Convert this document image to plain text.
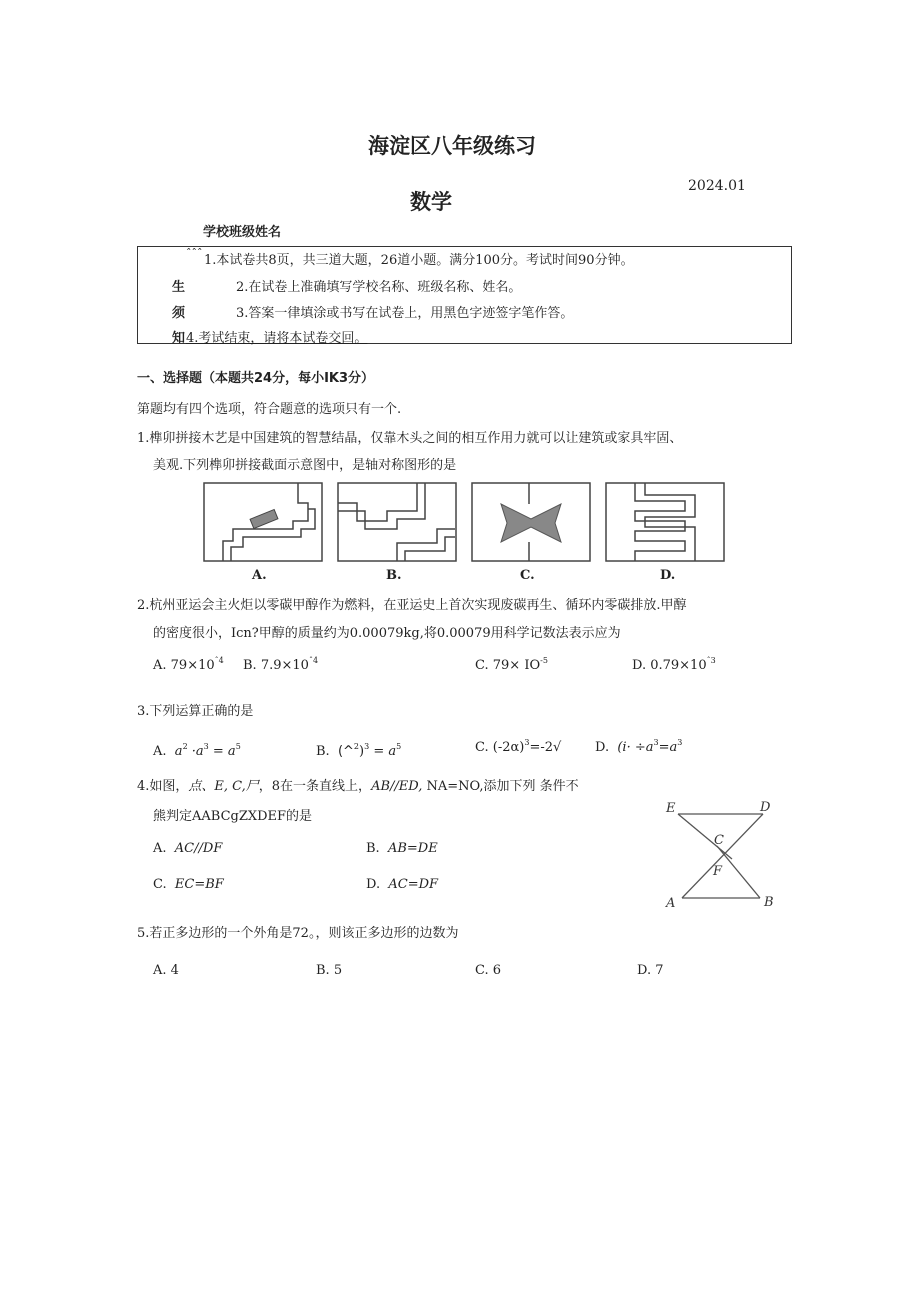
海淀区八年级练习
2024.01
数学
学校班级姓名
ˆˆˆ 1.本试卷共8页，共三道大题，26道小题。满分100分。考试时间90分钟。
生	2.在试卷上准确填写学校名称、班级名称、姓名。
须	3.答案一律填涂或书写在试卷上，用黑色字迹签字笔作答。
知 4.考试结束，请将本试卷交回。
一、选择题（本题共24分，每小IK3分）
第题均有四个选项，符合题意的选项只有一个.
1.榫卯拼接木艺是中国建筑的智慧结晶，仅靠木头之间的相互作用力就可以让建筑或家具牢固、
美观.下列榫卯拼接截面示意图中，是轴对称图形的是
A.	B.	C.	D.
2.杭州亚运会主火炬以零碳甲醇作为燃料，在亚运史上首次实现废碳再生、循环内零碳排放.甲醇
的密度很小，Icn?甲醇的质量约为0.00079kg,将0.00079用科学记数法表示应为
A. $79\times 10^{ˆ4}$ B. $7.9\times 10^{ˆ4}$	C. $79\times IO^{-5}$	D. $0.79\times 10^{ˆ3}$
3.下列运算正确的是
A. $a^2 \cdot a^3 = a^5$	B. (^$^2$)$^3$ = $a^5$	C. $(-2\alpha)^3=-2√$	D. ($i\cdot \div a^3=a^3$
4.如图，点、E, C,尸，8在一条直线上，AB//ED, NA=NO,添加下列 条件不
熊判定AABCgZXDEF的是
A. AC//DF	B. AB=DE
C. EC=BF	D. AC=DF
E	D
C
F
A	B
5.若正多边形的一个外角是72。，则该正多边形的边数为
A. 4	B. 5	C. 6	D. 7
